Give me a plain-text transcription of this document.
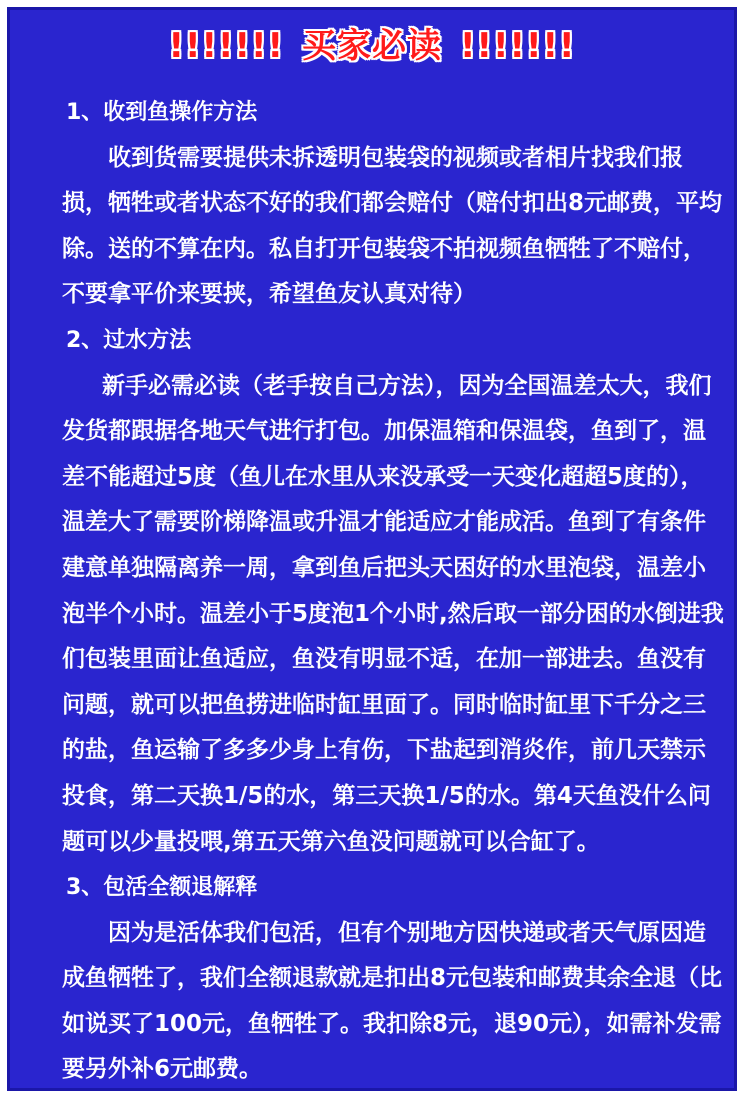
!!!!!!! 买家必读 !!!!!!!

1、收到鱼操作方法

收到货需要提供未拆透明包装袋的视频或者相片找我们报损，牺牲或者状态不好的我们都会赔付（赔付扣出8元邮费，平均除。送的不算在内。私自打开包装袋不拍视频鱼牺牲了不赔付，不要拿平价来要挟，希望鱼友认真对待）

2、过水方法

新手必需必读（老手按自己方法），因为全国温差太大，我们发货都跟据各地天气进行打包。加保温箱和保温袋，鱼到了，温差不能超过5度（鱼儿在水里从来没承受一天变化超超5度的），温差大了需要阶梯降温或升温才能适应才能成活。鱼到了有条件建意单独隔离养一周，拿到鱼后把头天困好的水里泡袋，温差小泡半个小时。温差小于5度泡1个小时,然后取一部分困的水倒进我们包装里面让鱼适应，鱼没有明显不适，在加一部进去。鱼没有问题，就可以把鱼捞进临时缸里面了。同时临时缸里下千分之三的盐，鱼运输了多多少身上有伤，下盐起到消炎作，前几天禁示投食，第二天换1/5的水，第三天换1/5的水。第4天鱼没什么问题可以少量投喂,第五天第六鱼没问题就可以合缸了。

3、包活全额退解释

因为是活体我们包活，但有个别地方因快递或者天气原因造成鱼牺牲了，我们全额退款就是扣出8元包装和邮费其余全退（比如说买了100元，鱼牺牲了。我扣除8元，退90元），如需补发需要另外补6元邮费。
